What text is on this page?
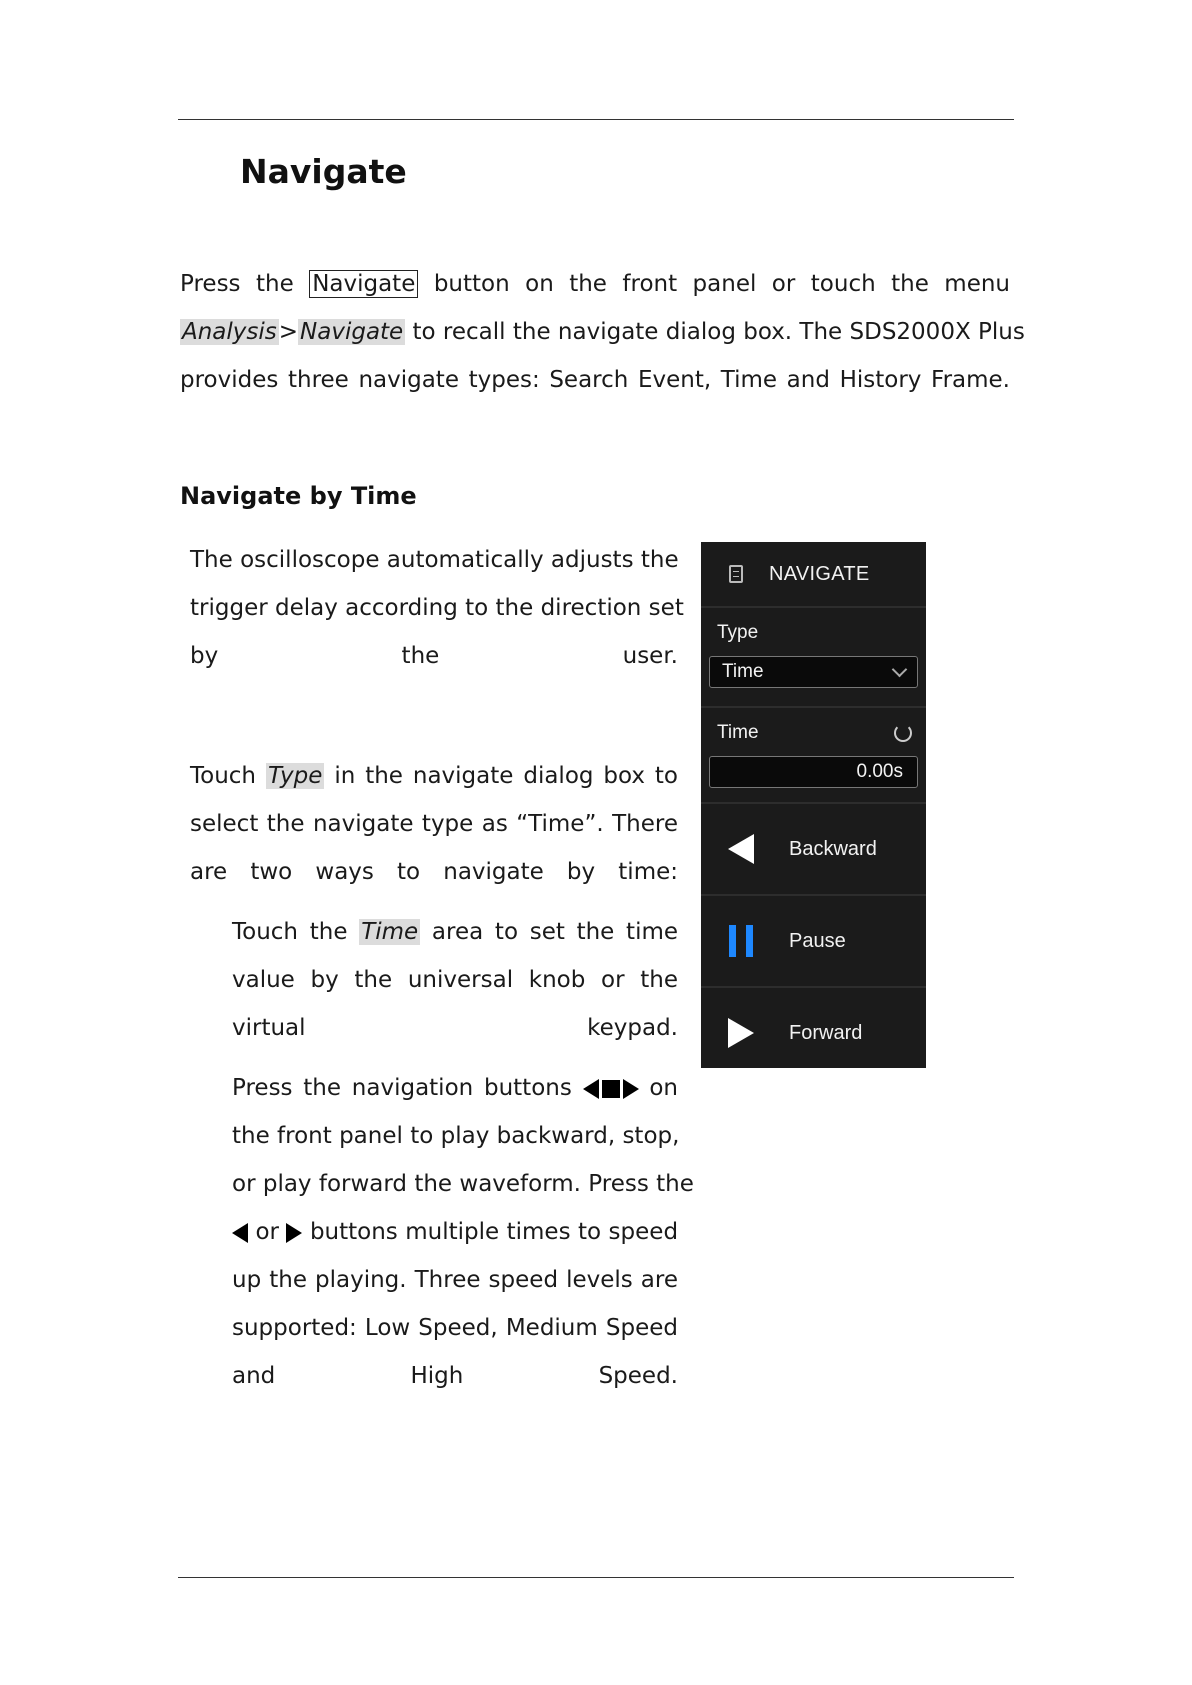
Navigate
Press the Navigate button on the front panel or touch the menu
Analysis>Navigate to recall the navigate dialog box. The SDS2000X Plus
provides three navigate types: Search Event, Time and History Frame.
Navigate by Time
The oscilloscope automatically adjusts the
trigger delay according to the direction set
by the user.
Touch Type in the navigate dialog box to
select the navigate type as “Time”. There
are two ways to navigate by time:
Touch the Time area to set the time
value by the universal knob or the
virtual keypad.
Press the navigation buttons	on
the front panel to play backward, stop,
or play forward the waveform. Press the
or buttons multiple times to speed
up the playing. Three speed levels are
supported: Low Speed, Medium Speed
and High Speed.
NAVIGATE
Type
Time
Time
0.00s
Backward
Pause
Forward
